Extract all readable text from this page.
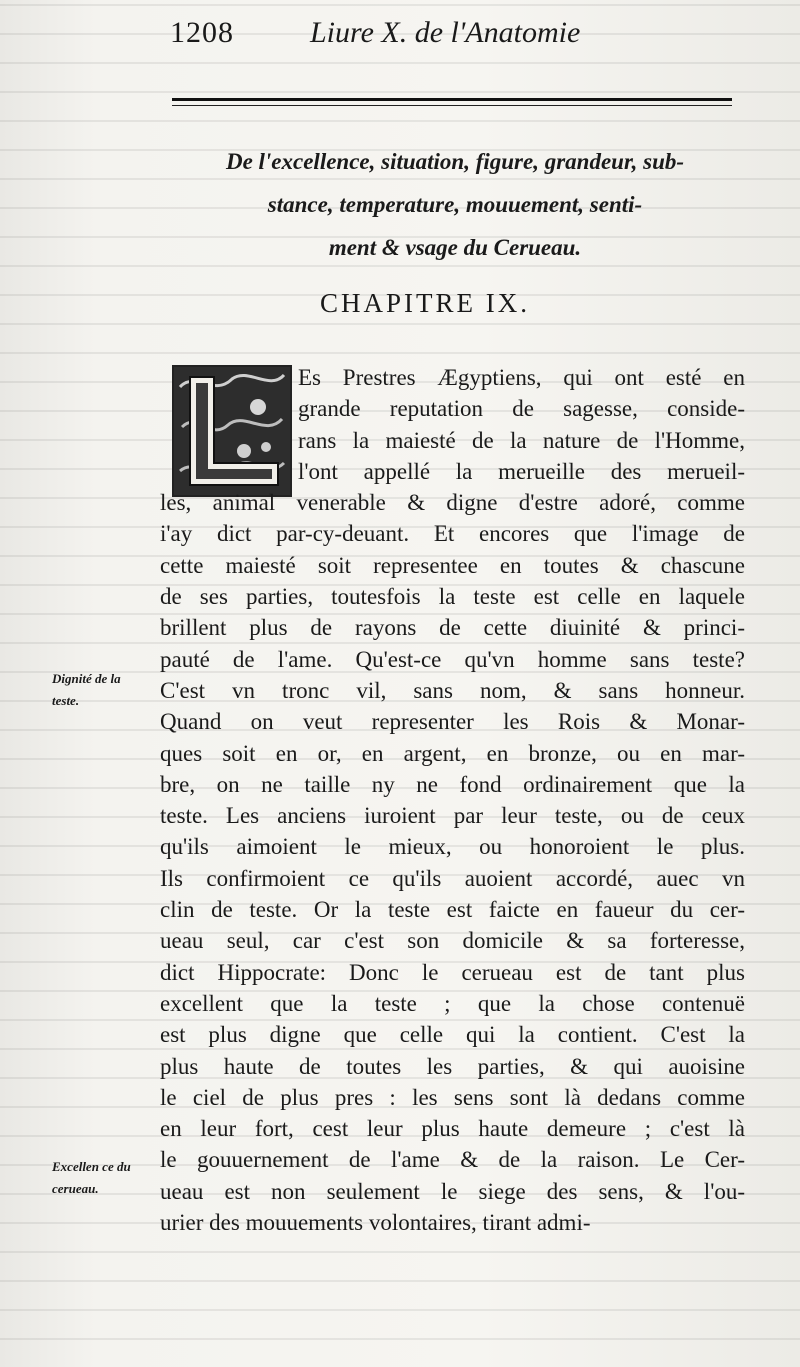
1208	Liure X. de l'Anatomie
De l'excellence, situation, figure, grandeur, sub-
stance, temperature, mouuement, senti-
ment & vsage du Cerueau.
CHAPITRE IX.
Es Prestres Ægyptiens, qui ont esté en
grande reputation de sagesse, conside-
rans la maiesté de la nature de l'Homme,
l'ont appellé la merueille des merueil-
les, animal venerable & digne d'estre adoré, comme
i'ay dict par-cy-deuant. Et encores que l'image de
cette maiesté soit representee en toutes & chascune
de ses parties, toutesfois la teste est celle en laquele
brillent plus de rayons de cette diuinité & princi-
pauté de l'ame. Qu'est-ce qu'vn homme sans teste?
C'est vn tronc vil, sans nom, & sans honneur.
Quand on veut representer les Rois & Monar-
ques soit en or, en argent, en bronze, ou en mar-
bre, on ne taille ny ne fond ordinairement que la
teste. Les anciens iuroient par leur teste, ou de ceux
qu'ils aimoient le mieux, ou honoroient le plus.
Ils confirmoient ce qu'ils auoient accordé, auec vn
clin de teste. Or la teste est faicte en faueur du cer-
ueau seul, car c'est son domicile & sa forteresse,
dict Hippocrate: Donc le cerueau est de tant plus
excellent que la teste ; que la chose contenuë
est plus digne que celle qui la contient. C'est la
plus haute de toutes les parties, & qui auoisine
le ciel de plus pres : les sens sont là dedans comme
en leur fort, cest leur plus haute demeure ; c'est là
le gouuernement de l'ame & de la raison. Le Cer-
ueau est non seulement le siege des sens, & l'ou-
urier des mouuements volontaires, tirant admi-
Dignité de la
teste.
Excellen ce du
cerueau.
